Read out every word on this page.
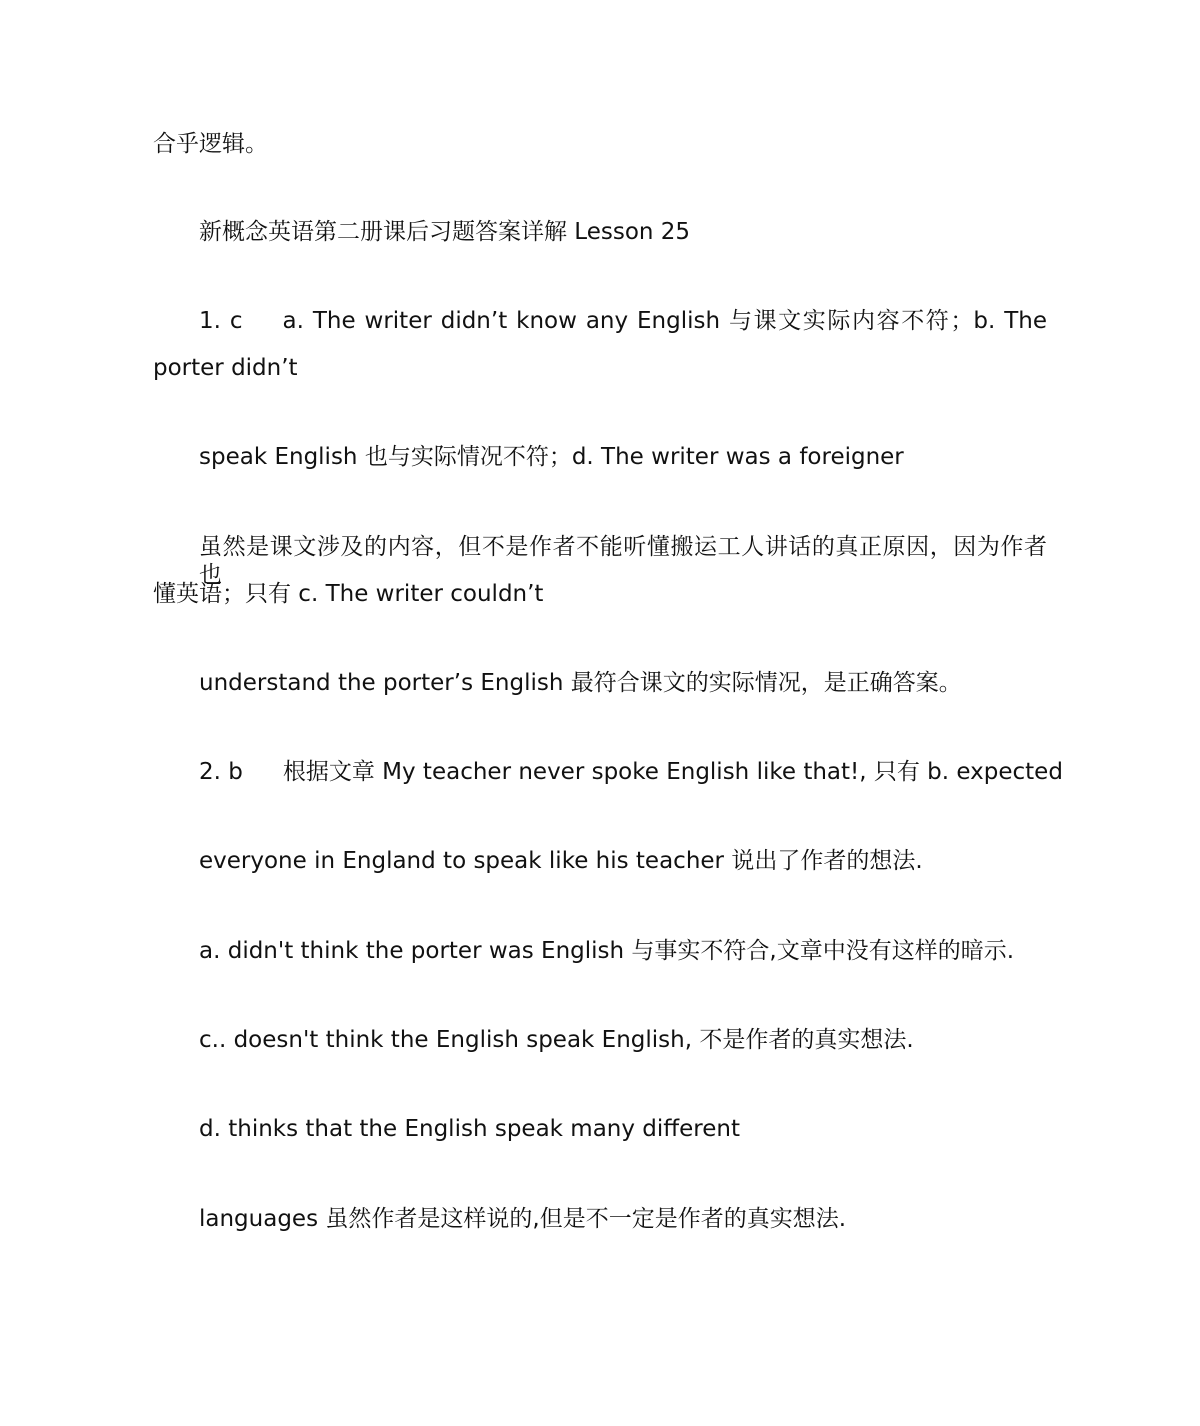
合乎逻辑。
新概念英语第二册课后习题答案详解 Lesson 25
1. c a. The writer didn’t know any English 与课文实际内容不符；b. The
porter didn’t
speak English 也与实际情况不符；d. The writer was a foreigner
虽然是课文涉及的内容，但不是作者不能听懂搬运工人讲话的真正原因，因为作者也
懂英语；只有 c. The writer couldn’t
understand the porter’s English 最符合课文的实际情况，是正确答案。
2. b 根据文章 My teacher never spoke English like that!, 只有 b. expected
everyone in England to speak like his teacher 说出了作者的想法.
a. didn't think the porter was English 与事实不符合,文章中没有这样的暗示.
c.. doesn't think the English speak English, 不是作者的真实想法.
d. thinks that the English speak many different
languages 虽然作者是这样说的,但是不一定是作者的真实想法.
